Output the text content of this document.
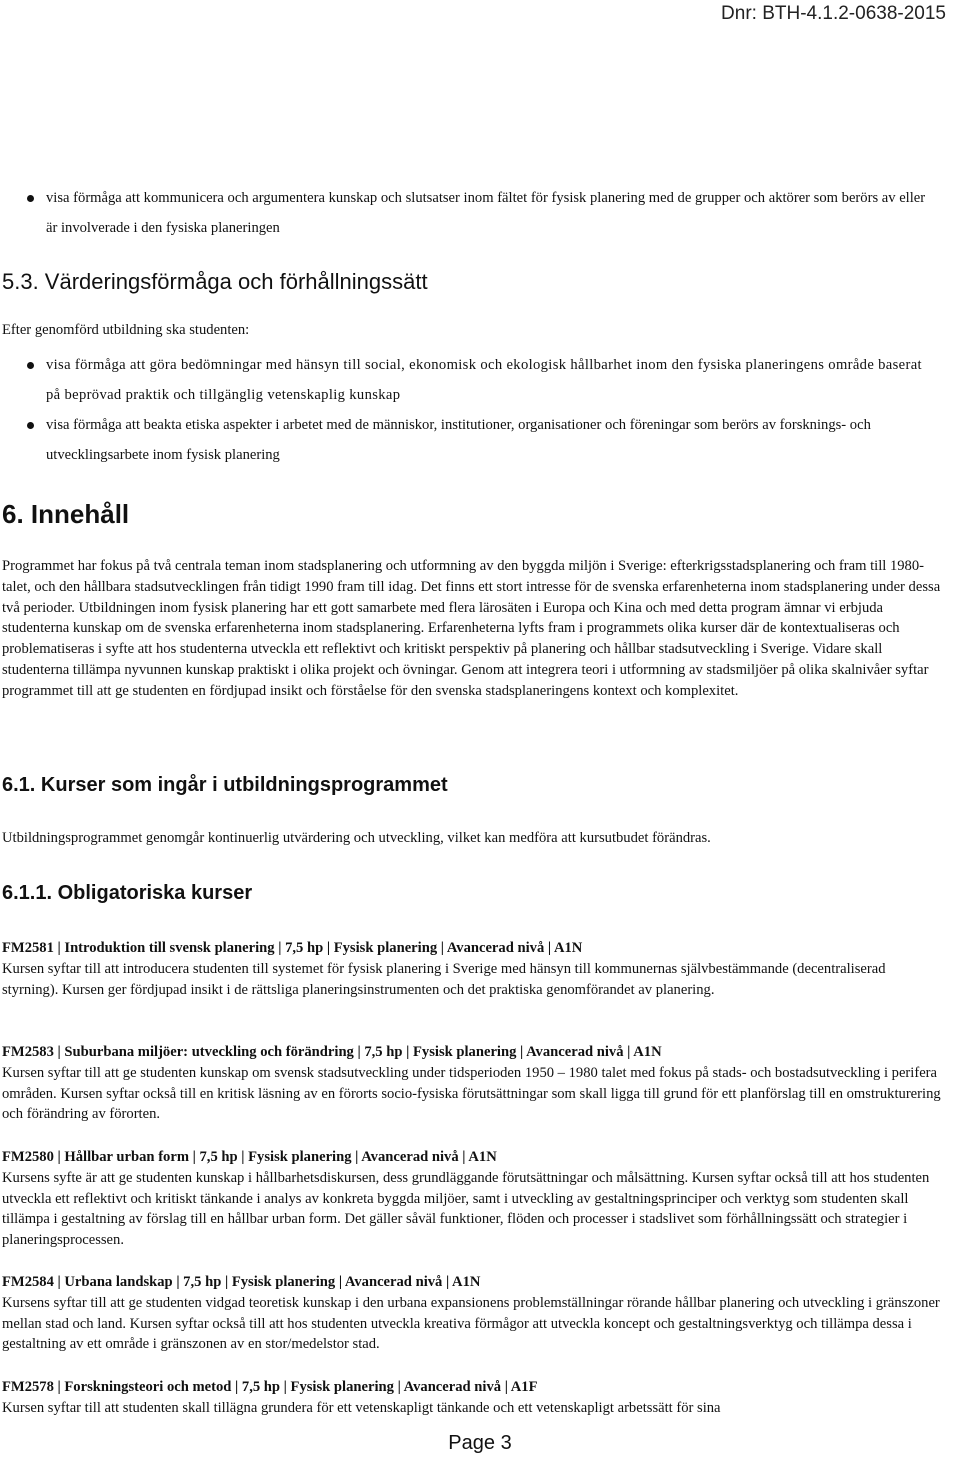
Dnr: BTH-4.1.2-0638-2015
visa förmåga att kommunicera och argumentera kunskap och slutsatser inom fältet för fysisk planering med de grupper och aktörer som berörs av eller är involverade i den fysiska planeringen
5.3. Värderingsförmåga och förhållningssätt

Efter genomförd utbildning ska studenten:

visa förmåga att göra bedömningar med hänsyn till social, ekonomisk och ekologisk hållbarhet inom den fysiska planeringens område baserat på beprövad praktik och tillgänglig vetenskaplig kunskap
visa förmåga att beakta etiska aspekter i arbetet med de människor, institutioner, organisationer och föreningar som berörs av forsknings- och utvecklingsarbete inom fysisk planering
6. Innehåll

Programmet har fokus på två centrala teman inom stadsplanering och utformning av den byggda miljön i Sverige: efterkrigsstadsplanering och fram till 1980-talet, och den hållbara stadsutvecklingen från tidigt 1990 fram till idag. Det finns ett stort intresse för de svenska erfarenheterna inom stadsplanering under dessa två perioder. Utbildningen inom fysisk planering har ett gott samarbete med flera lärosäten i Europa och Kina och med detta program ämnar vi erbjuda studenterna kunskap om de svenska erfarenheterna inom stadsplanering. Erfarenheterna lyfts fram i programmets olika kurser där de kontextualiseras och problematiseras i syfte att hos studenterna utveckla ett reflektivt och kritiskt perspektiv på planering och hållbar stadsutveckling i Sverige. Vidare skall studenterna tillämpa nyvunnen kunskap praktiskt i olika projekt och övningar. Genom att integrera teori i utformning av stadsmiljöer på olika skalnivåer syftar programmet till att ge studenten en fördjupad insikt och förståelse för den svenska stadsplaneringens kontext och komplexitet.

6.1. Kurser som ingår i utbildningsprogrammet

Utbildningsprogrammet genomgår kontinuerlig utvärdering och utveckling, vilket kan medföra att kursutbudet förändras.

6.1.1. Obligatoriska kurser
FM2581 | Introduktion till svensk planering | 7,5 hp | Fysisk planering | Avancerad nivå | A1N
Kursen syftar till att introducera studenten till systemet för fysisk planering i Sverige med hänsyn till kommunernas självbestämmande (decentraliserad styrning). Kursen ger fördjupad insikt i de rättsliga planeringsinstrumenten och det praktiska genomförandet av planering.
FM2583 | Suburbana miljöer: utveckling och förändring | 7,5 hp | Fysisk planering | Avancerad nivå | A1N
Kursen syftar till att ge studenten kunskap om svensk stadsutveckling under tidsperioden 1950 – 1980 talet med fokus på stads- och bostadsutveckling i perifera områden. Kursen syftar också till en kritisk läsning av en förorts socio-fysiska förutsättningar som skall ligga till grund för ett planförslag till en omstrukturering och förändring av förorten.
FM2580 | Hållbar urban form | 7,5 hp | Fysisk planering | Avancerad nivå | A1N
Kursens syfte är att ge studenten kunskap i hållbarhetsdiskursen, dess grundläggande förutsättningar och målsättning. Kursen syftar också till att hos studenten utveckla ett reflektivt och kritiskt tänkande i analys av konkreta byggda miljöer, samt i utveckling av gestaltningsprinciper och verktyg som studenten skall tillämpa i gestaltning av förslag till en hållbar urban form. Det gäller såväl funktioner, flöden och processer i stadslivet som förhållningssätt och strategier i planeringsprocessen.
FM2584 | Urbana landskap | 7,5 hp | Fysisk planering | Avancerad nivå | A1N
Kursens syftar till att ge studenten vidgad teoretisk kunskap i den urbana expansionens problemställningar rörande hållbar planering och utveckling i gränszoner mellan stad och land. Kursen syftar också till att hos studenten utveckla kreativa förmågor att utveckla koncept och gestaltningsverktyg och tillämpa dessa i gestaltning av ett område i gränszonen av en stor/medelstor stad.
FM2578 | Forskningsteori och metod | 7,5 hp | Fysisk planering | Avancerad nivå | A1F
Kursen syftar till att studenten skall tillägna grundera för ett vetenskapligt tänkande och ett vetenskapligt arbetssätt för sina
Page 3
